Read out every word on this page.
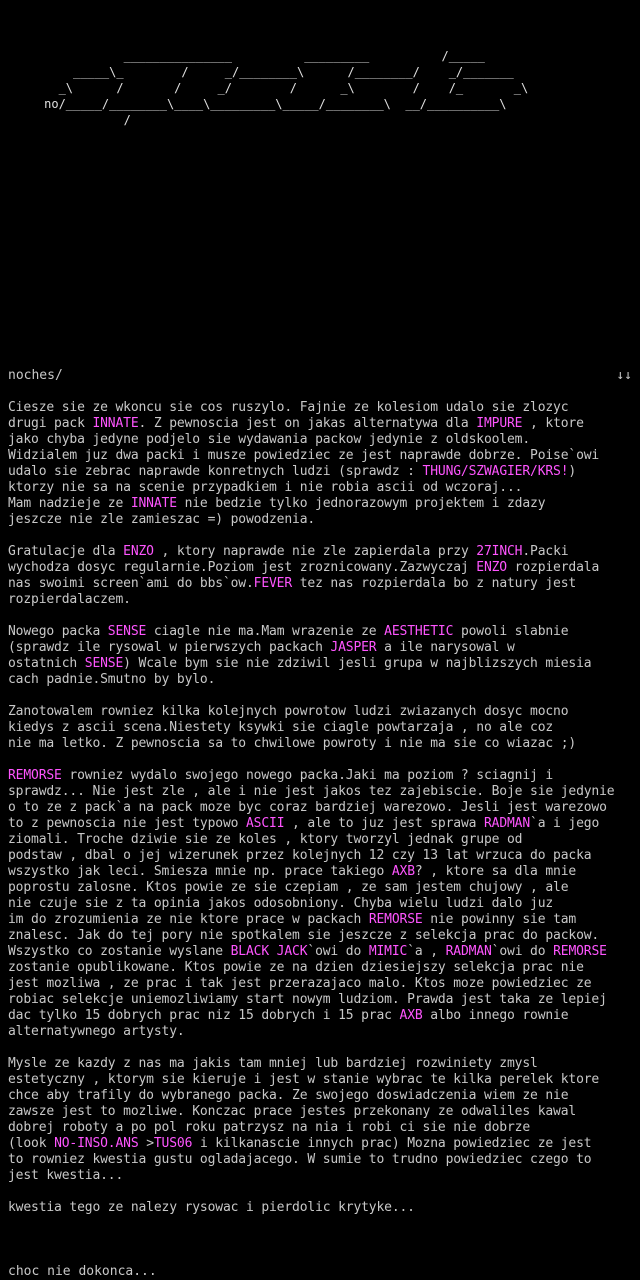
_______________          _________          /_____
_____\_        /     _/________\      /________/    _/_______
_\      /       /     _/        /      _\        /    /_       _\
no/_____/________\____\_________\_____/________\  __/__________\
/
noches/	↓↓
Ciesze sie ze wkoncu sie cos ruszylo. Fajnie ze kolesiom udalo sie zlozyc
drugi pack INNATE. Z pewnoscia jest on jakas alternatywa dla IMPURE , ktore
jako chyba jedyne podjelo sie wydawania packow jedynie z oldskoolem.
Widzialem juz dwa packi i musze powiedziec ze jest naprawde dobrze. Poise`owi
udalo sie zebrac naprawde konretnych ludzi (sprawdz : THUNG/SZWAGIER/KRS!)
ktorzy nie sa na scenie przypadkiem i nie robia ascii od wczoraj...
Mam nadzieje ze INNATE nie bedzie tylko jednorazowym projektem i zdazy
jeszcze nie zle zamieszac =) powodzenia.

Gratulacje dla ENZO , ktory naprawde nie zle zapierdala przy 27INCH.Packi
wychodza dosyc regularnie.Poziom jest zroznicowany.Zazwyczaj ENZO rozpierdala
nas swoimi screen`ami do bbs`ow.FEVER tez nas rozpierdala bo z natury jest
rozpierdalaczem.

Nowego packa SENSE ciagle nie ma.Mam wrazenie ze AESTHETIC powoli slabnie
(sprawdz ile rysowal w pierwszych packach JASPER a ile narysowal w
ostatnich SENSE) Wcale bym sie nie zdziwil jesli grupa w najblizszych miesia
cach padnie.Smutno by bylo.

Zanotowalem rowniez kilka kolejnych powrotow ludzi zwiazanych dosyc mocno
kiedys z ascii scena.Niestety ksywki sie ciagle powtarzaja , no ale coz
nie ma letko. Z pewnoscia sa to chwilowe powroty i nie ma sie co wiazac ;)

REMORSE rowniez wydalo swojego nowego packa.Jaki ma poziom ? sciagnij i
sprawdz... Nie jest zle , ale i nie jest jakos tez zajebiscie. Boje sie jedynie
o to ze z pack`a na pack moze byc coraz bardziej warezowo. Jesli jest warezowo
to z pewnoscia nie jest typowo ASCII , ale to juz jest sprawa RADMAN`a i jego
ziomali. Troche dziwie sie ze koles , ktory tworzyl jednak grupe od
podstaw , dbal o jej wizerunek przez kolejnych 12 czy 13 lat wrzuca do packa
wszystko jak leci. Smiesza mnie np. prace takiego AXB? , ktore sa dla mnie
poprostu zalosne. Ktos powie ze sie czepiam , ze sam jestem chujowy , ale
nie czuje sie z ta opinia jakos odosobniony. Chyba wielu ludzi dalo juz
im do zrozumienia ze nie ktore prace w packach REMORSE nie powinny sie tam
znalesc. Jak do tej pory nie spotkalem sie jeszcze z selekcja prac do packow.
Wszystko co zostanie wyslane BLACK JACK`owi do MIMIC`a , RADMAN`owi do REMORSE
zostanie opublikowane. Ktos powie ze na dzien dziesiejszy selekcja prac nie
jest mozliwa , ze prac i tak jest przerazajaco malo. Ktos moze powiedziec ze
robiac selekcje uniemozliwiamy start nowym ludziom. Prawda jest taka ze lepiej
dac tylko 15 dobrych prac niz 15 dobrych i 15 prac AXB albo innego rownie
alternatywnego artysty.

Mysle ze kazdy z nas ma jakis tam mniej lub bardziej rozwiniety zmysl
estetyczny , ktorym sie kieruje i jest w stanie wybrac te kilka perelek ktore
chce aby trafily do wybranego packa. Ze swojego doswiadczenia wiem ze nie
zawsze jest to mozliwe. Konczac prace jestes przekonany ze odwaliles kawal
dobrej roboty a po pol roku patrzysz na nia i robi ci sie nie dobrze
(look NO-INSO.ANS >TUS06 i kilkanascie innych prac) Mozna powiedziec ze jest
to rowniez kwestia gustu ogladajacego. W sumie to trudno powiedziec czego to
jest kwestia...

kwestia tego ze nalezy rysowac i pierdolic krytyke...

choc nie dokonca...
